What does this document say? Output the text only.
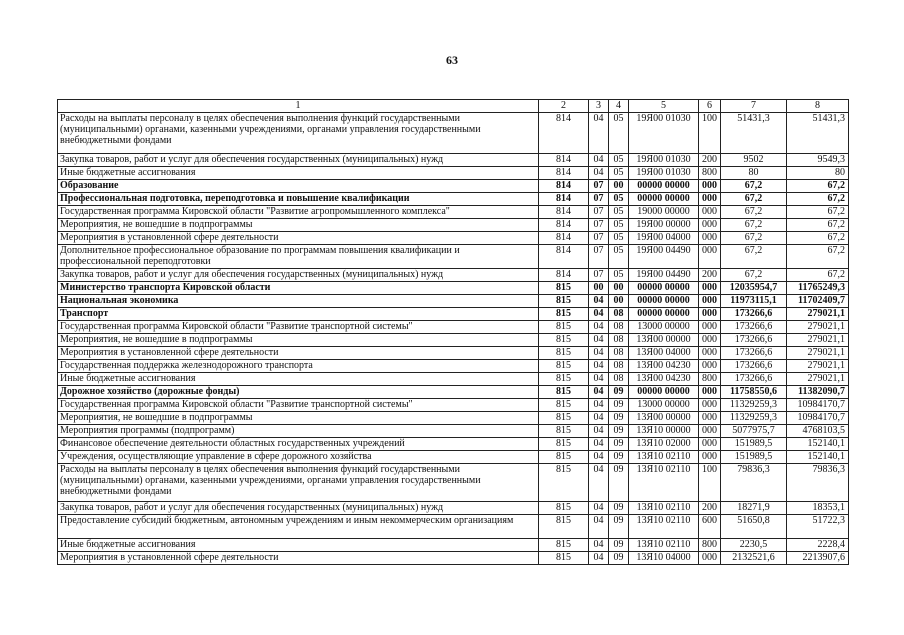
63
1	2	3	4	5	6	7	8
Расходы на выплаты персоналу в целях обеспечения выполнения функций государственными (муниципальными) органами, казенными учреждениями, органами управления государственными внебюджетными фондами	814	04	05	19Я00 01030	100	51431,3	51431,3
Закупка товаров, работ и услуг для обеспечения государственных (муниципальных) нужд	814	04	05	19Я00 01030	200	9502	9549,3
Иные бюджетные ассигнования	814	04	05	19Я00 01030	800	80	80
Образование	814	07	00	00000 00000	000	67,2	67,2
Профессиональная подготовка, переподготовка и повышение квалификации	814	07	05	00000 00000	000	67,2	67,2
Государственная программа Кировской области "Развитие агропромышленного комплекса"	814	07	05	19000 00000	000	67,2	67,2
Мероприятия, не вошедшие в подпрограммы	814	07	05	19Я00 00000	000	67,2	67,2
Мероприятия в установленной сфере деятельности	814	07	05	19Я00 04000	000	67,2	67,2
Дополнительное профессиональное образование по программам повышения квалификации и профессиональной переподготовки	814	07	05	19Я00 04490	000	67,2	67,2
Закупка товаров, работ и услуг для обеспечения государственных (муниципальных) нужд	814	07	05	19Я00 04490	200	67,2	67,2
Министерство транспорта Кировской области	815	00	00	00000 00000	000	12035954,7	11765249,3
Национальная экономика	815	04	00	00000 00000	000	11973115,1	11702409,7
Транспорт	815	04	08	00000 00000	000	173266,6	279021,1
Государственная программа Кировской области "Развитие транспортной системы"	815	04	08	13000 00000	000	173266,6	279021,1
Мероприятия, не вошедшие в подпрограммы	815	04	08	13Я00 00000	000	173266,6	279021,1
Мероприятия в установленной сфере деятельности	815	04	08	13Я00 04000	000	173266,6	279021,1
Государственная поддержка железнодорожного транспорта	815	04	08	13Я00 04230	000	173266,6	279021,1
Иные бюджетные ассигнования	815	04	08	13Я00 04230	800	173266,6	279021,1
Дорожное хозяйство (дорожные фонды)	815	04	09	00000 00000	000	11758550,6	11382090,7
Государственная программа Кировской области "Развитие транспортной системы"	815	04	09	13000 00000	000	11329259,3	10984170,7
Мероприятия, не вошедшие в подпрограммы	815	04	09	13Я00 00000	000	11329259,3	10984170,7
Мероприятия программы (подпрограмм)	815	04	09	13Я10 00000	000	5077975,7	4768103,5
Финансовое обеспечение деятельности областных государственных учреждений	815	04	09	13Я10 02000	000	151989,5	152140,1
Учреждения, осуществляющие управление в сфере дорожного хозяйства	815	04	09	13Я10 02110	000	151989,5	152140,1
Расходы на выплаты персоналу в целях обеспечения выполнения функций государственными (муниципальными) органами, казенными учреждениями, органами управления государственными внебюджетными фондами	815	04	09	13Я10 02110	100	79836,3	79836,3
Закупка товаров, работ и услуг для обеспечения государственных (муниципальных) нужд	815	04	09	13Я10 02110	200	18271,9	18353,1
Предоставление субсидий бюджетным, автономным учреждениям и иным некоммерческим организациям	815	04	09	13Я10 02110	600	51650,8	51722,3
Иные бюджетные ассигнования	815	04	09	13Я10 02110	800	2230,5	2228,4
Мероприятия в установленной сфере деятельности	815	04	09	13Я10 04000	000	2132521,6	2213907,6
